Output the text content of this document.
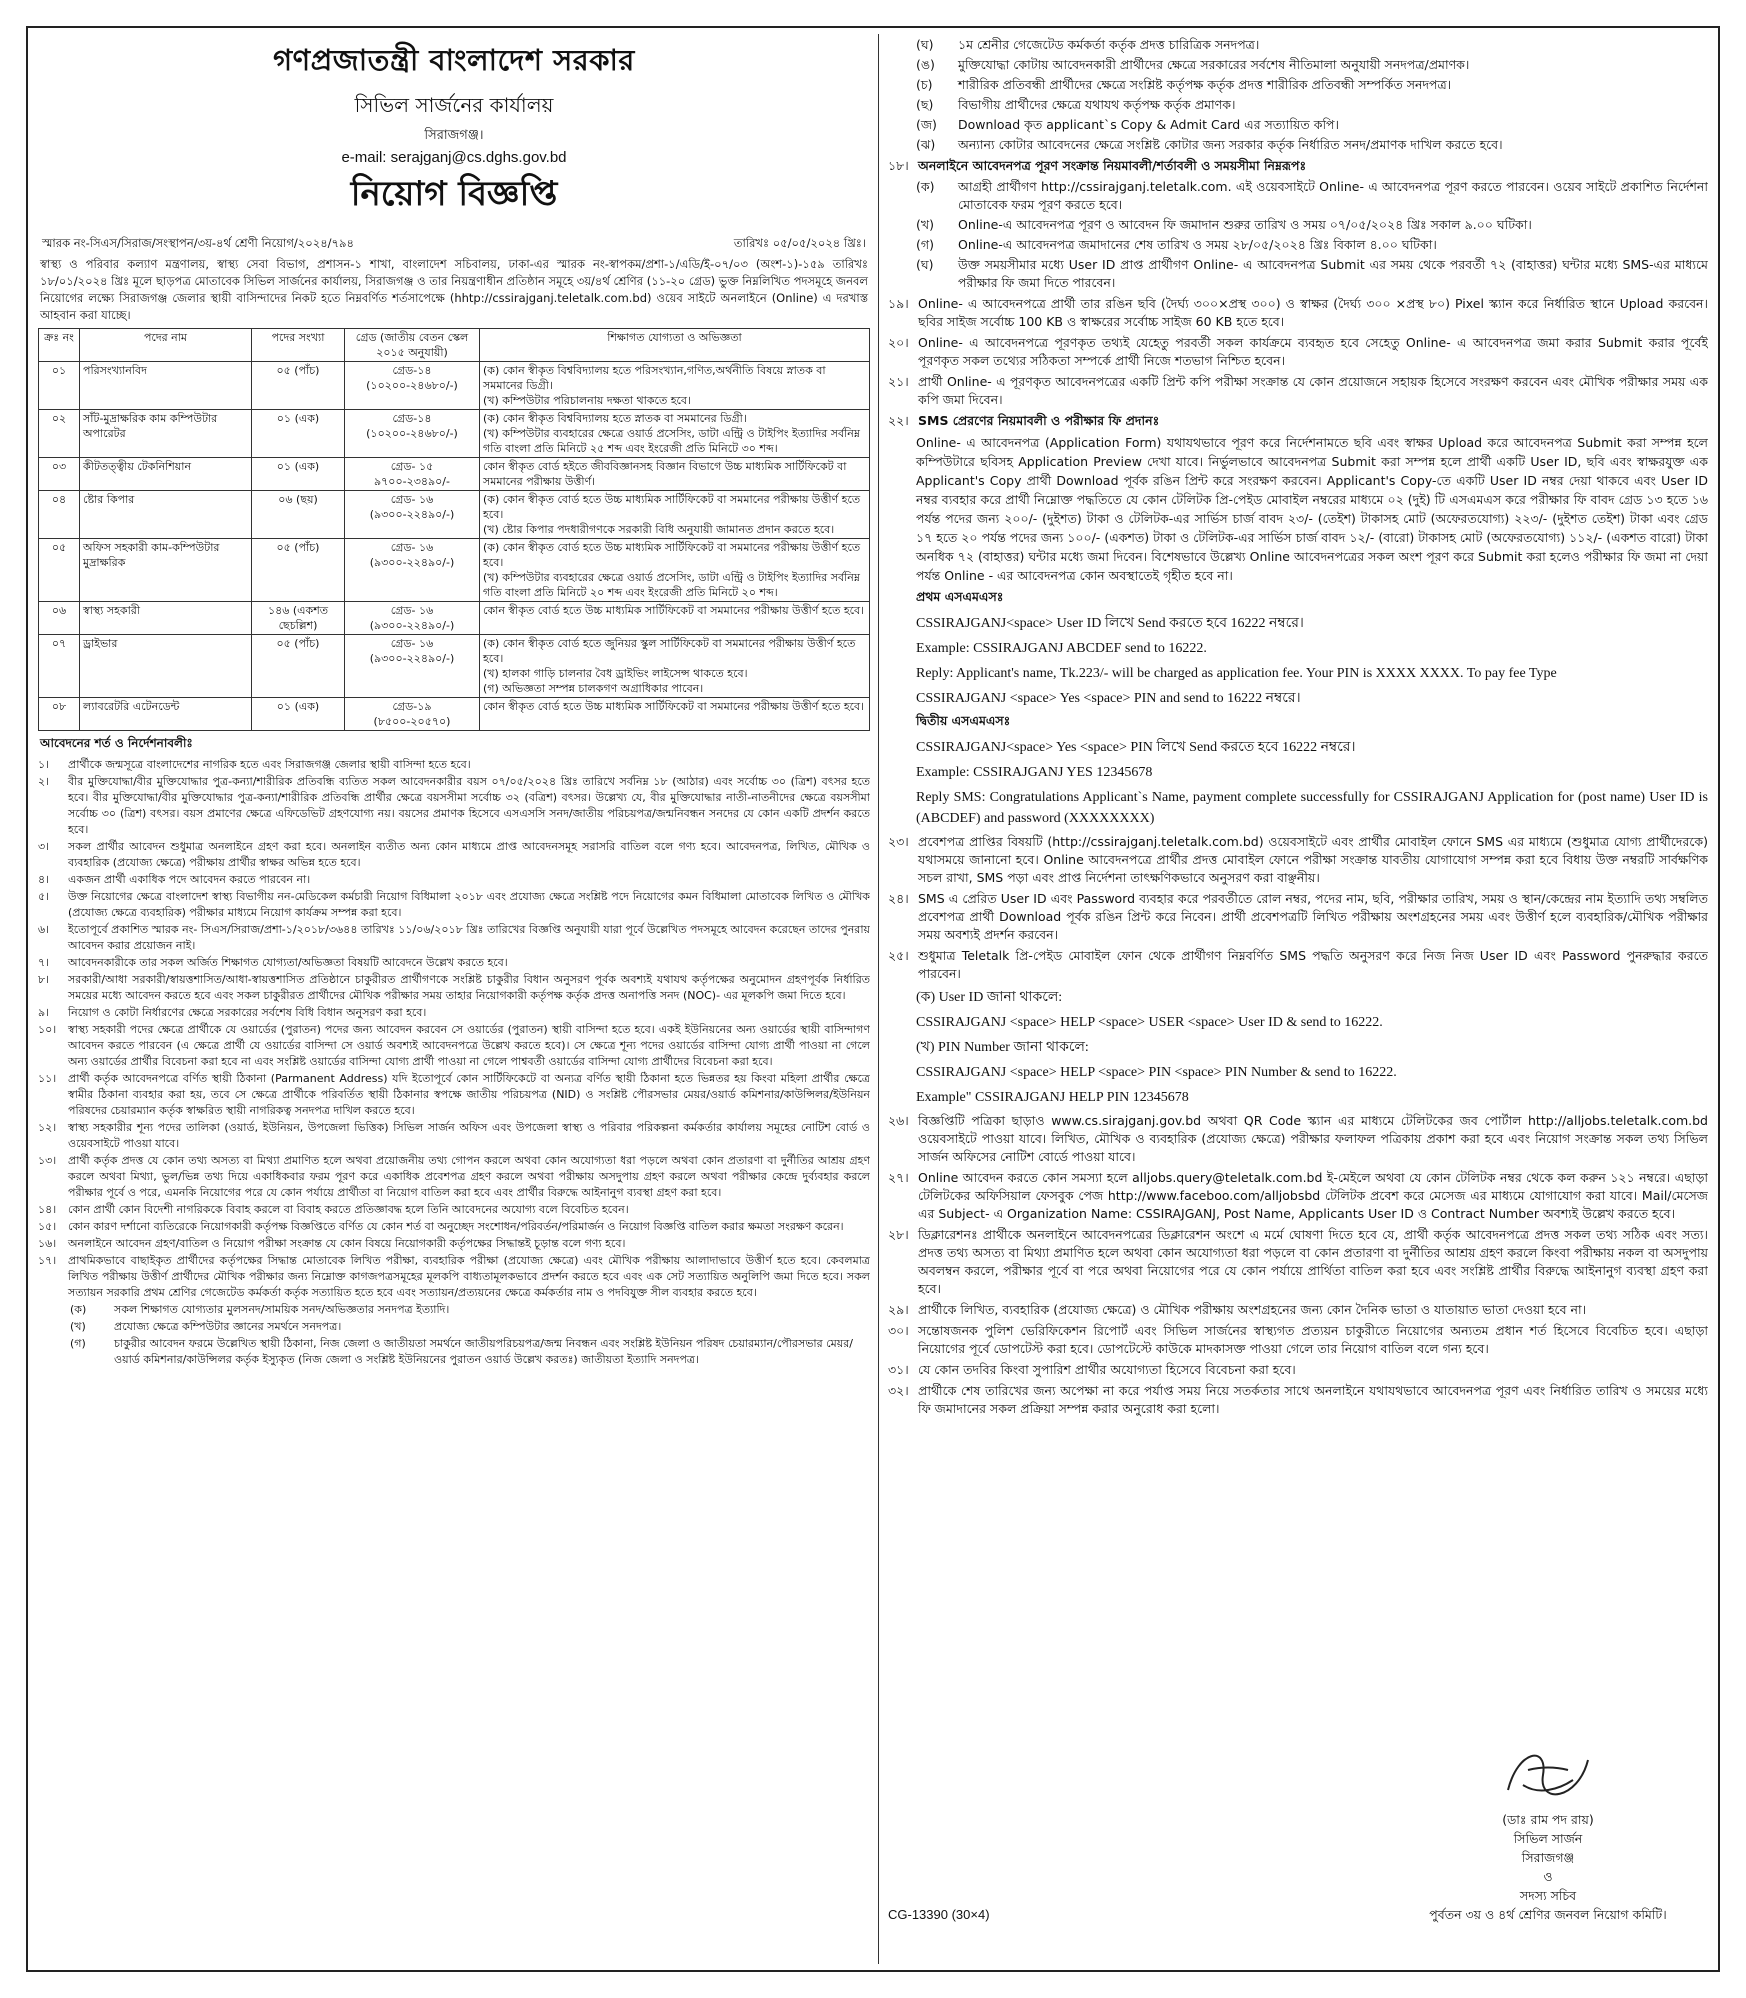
গণপ্রজাতন্ত্রী বাংলাদেশ সরকার
সিভিল সার্জনের কার্যালয়
সিরাজগঞ্জ।
e-mail: serajganj@cs.dghs.gov.bd
নিয়োগ বিজ্ঞপ্তি
স্মারক নং-সিএস/সিরাজ/সংস্থাপন/৩য়-৪র্থ শ্রেণী নিয়োগ/২০২৪/৭৯৪	তারিখঃ ০৫/০৫/২০২৪ খ্রিঃ।
স্বাস্থ্য ও পরিবার কল্যাণ মন্ত্রণালয়, স্বাস্থ্য সেবা বিভাগ, প্রশাসন-১ শাখা, বাংলাদেশ সচিবালয়, ঢাকা-এর স্মারক নং-স্বাপকম/প্রশা-১/এডি/ই-০৭/০৩ (অংশ-১)-১৫৯ তারিখঃ ১৮/০১/২০২৪ খ্রিঃ মূলে ছাড়পত্র মোতাবেক সিভিল সার্জনের কার্যালয়, সিরাজগঞ্জ ও তার নিয়ন্ত্রণাধীন প্রতিষ্ঠান সমূহে ৩য়/৪র্থ শ্রেণির (১১-২০ গ্রেড) ভুক্ত নিম্নলিখিত পদসমূহে জনবল নিয়োগের লক্ষ্যে সিরাজগঞ্জ জেলার স্থায়ী বাসিন্দাদের নিকট হতে নিম্নবর্ণিত শর্তসাপেক্ষে (hhtp://cssirajganj.teletalk.com.bd) ওয়েব সাইটে অনলাইনে (Online) এ দরখাস্ত আহবান করা যাচ্ছে।
ক্রঃ নং	পদের নাম	পদের সংখ্যা	গ্রেড (জাতীয় বেতন স্কেল ২০১৫ অনুযায়ী)	শিক্ষাগত যোগ্যতা ও অভিজ্ঞতা
০১	পরিসংখ্যানবিদ	০৫ (পাঁচ)	গ্রেড-১৪
(১০২০০-২৪৬৮০/-)	(ক) কোন স্বীকৃত বিশ্ববিদ্যালয় হতে পরিসংখ্যান,গণিত,অর্থনীতি বিষয়ে স্নাতক বা সমমানের ডিগ্রী।
(খ) কম্পিউটার পরিচালনায় দক্ষতা থাকতে হবে।

০২	সাঁট-মুদ্রাক্ষরিক কাম কম্পিউটার অপারেটর	০১ (এক)	গ্রেড-১৪
(১০২০০-২৪৬৮০/-)	(ক) কোন স্বীকৃত বিশ্ববিদ্যালয় হতে স্নাতক বা সমমানের ডিগ্রী।
(খ) কম্পিউটার ব্যবহারের ক্ষেত্রে ওয়ার্ড প্রসেসিং, ডাটা এন্ট্রি ও টাইপিং ইত্যাদির সর্বনিম্ন গতি বাংলা প্রতি মিনিটে ২৫ শব্দ এবং ইংরেজী প্রতি মিনিটে ৩০ শব্দ।

০৩	কীটতত্ত্বীয় টেকনিশিয়ান	০১ (এক)	গ্রেড- ১৫
৯৭০০-২৩৪৯০/-	কোন স্বীকৃত বোর্ড হইতে জীববিজ্ঞানসহ বিজ্ঞান বিভাগে উচ্চ মাধ্যমিক সার্টিফিকেট বা সমমানের পরীক্ষায় উত্তীর্ণ।

০৪	ষ্টোর কিপার	০৬ (ছয়)	গ্রেড- ১৬
(৯৩০০-২২৪৯০/-)	(ক) কোন স্বীকৃত বোর্ড হতে উচ্চ মাধ্যমিক সার্টিফিকেট বা সমমানের পরীক্ষায় উত্তীর্ণ হতে হবে।
(খ) ষ্টোর কিপার পদধারীগণকে সরকারী বিধি অনুযায়ী জামানত প্রদান করতে হবে।

০৫	অফিস সহকারী কাম-কম্পিউটার মুদ্রাক্ষরিক	০৫ (পাঁচ)	গ্রেড- ১৬
(৯৩০০-২২৪৯০/-)	(ক) কোন স্বীকৃত বোর্ড হতে উচ্চ মাধ্যমিক সার্টিফিকেট বা সমমানের পরীক্ষায় উত্তীর্ণ হতে হবে।
(খ) কম্পিউটার ব্যবহারের ক্ষেত্রে ওয়ার্ড প্রসেসিং, ডাটা এন্ট্রি ও টাইপিং ইত্যাদির সর্বনিম্ন গতি বাংলা প্রতি মিনিটে ২০ শব্দ এবং ইংরেজী প্রতি মিনিটে ২০ শব্দ।

০৬	স্বাস্থ্য সহকারী	১৪৬ (একশত ছেচল্লিশ)	গ্রেড- ১৬
(৯৩০০-২২৪৯০/-)	কোন স্বীকৃত বোর্ড হতে উচ্চ মাধ্যমিক সার্টিফিকেট বা সমমানের পরীক্ষায় উত্তীর্ণ হতে হবে।

০৭	ড্রাইভার	০৫ (পাঁচ)	গ্রেড- ১৬
(৯৩০০-২২৪৯০/-)	(ক) কোন স্বীকৃত বোর্ড হতে জুনিয়র স্কুল সার্টিফিকেট বা সমমানের পরীক্ষায় উত্তীর্ণ হতে হবে।
(খ) হালকা গাড়ি চালনার বৈধ ড্রাইভিং লাইসেন্স থাকতে হবে।
(গ) অভিজ্ঞতা সম্পন্ন চালকগণ অগ্রাধিকার পাবেন।

০৮	ল্যাবরেটরি এটেনডেন্ট	০১ (এক)	গ্রেড-১৯
(৮৫০০-২০৫৭০)	কোন স্বীকৃত বোর্ড হতে উচ্চ মাধ্যমিক সার্টিফিকেট বা সমমানের পরীক্ষায় উত্তীর্ণ হতে হবে।
আবেদনের শর্ত ও নির্দেশনাবলীঃ
১।	প্রার্থীকে জন্মসূত্রে বাংলাদেশের নাগরিক হতে এবং সিরাজগঞ্জ জেলার স্থায়ী বাসিন্দা হতে হবে।
২।	বীর মুক্তিযোদ্ধা/বীর মুক্তিযোদ্ধার পুত্র-কন্যা/শারীরিক প্রতিবন্ধি ব্যতিত সকল আবেদনকারীর বয়স ০৭/০৫/২০২৪ খ্রিঃ তারিখে সর্বনিম্ন ১৮ (আঠার) এবং সর্বোচ্চ ৩০ (ত্রিশ) বৎসর হতে হবে। বীর মুক্তিযোদ্ধা/বীর মুক্তিযোদ্ধার পুত্র-কন্যা/শারীরিক প্রতিবন্ধি প্রার্থীর ক্ষেত্রে বয়সসীমা সর্বোচ্চ ৩২ (বত্রিশ) বৎসর। উল্লেখ্য যে, বীর মুক্তিযোদ্ধার নাতী-নাতনীদের ক্ষেত্রে বয়সসীমা সর্বোচ্চ ৩০ (ত্রিশ) বৎসর। বয়স প্রমাণের ক্ষেত্রে এফিডেভিট গ্রহণযোগ্য নয়। বয়সের প্রমাণক হিসেবে এসএসসি সনদ/জাতীয় পরিচয়পত্র/জন্মনিবন্ধন সনদের যে কোন একটি প্রদর্শন করতে হবে।
৩।	সকল প্রার্থীর আবেদন শুধুমাত্র অনলাইনে গ্রহণ করা হবে। অনলাইন ব্যতীত অন্য কোন মাধ্যমে প্রাপ্ত আবেদনসমূহ সরাসরি বাতিল বলে গণ্য হবে। আবেদনপত্র, লিখিত, মৌখিক ও ব্যবহারিক (প্রযোজ্য ক্ষেত্রে) পরীক্ষায় প্রার্থীর স্বাক্ষর অভিন্ন হতে হবে।
৪।	একজন প্রার্থী একাধিক পদে আবেদন করতে পারবেন না।
৫।	উক্ত নিয়োগের ক্ষেত্রে বাংলাদেশ স্বাস্থ্য বিভাগীয় নন-মেডিকেল কর্মচারী নিয়োগ বিধিমালা ২০১৮ এবং প্রযোজ্য ক্ষেত্রে সংশ্লিষ্ট পদে নিয়োগের কমন বিধিমালা মোতাবেক লিখিত ও মৌখিক (প্রযোজ্য ক্ষেত্রে ব্যবহারিক) পরীক্ষার মাধ্যমে নিয়োগ কার্যক্রম সম্পন্ন করা হবে।
৬।	ইতোপূর্বে প্রকাশিত স্মারক নং- সিএস/সিরাজ/প্রশা-১/২০১৮/৩৬৪৪ তারিখঃ ১১/০৬/২০১৮ খ্রিঃ তারিখের বিজ্ঞপ্তি অনুযায়ী যারা পূর্বে উল্লেখিত পদসমূহে আবেদন করেছেন তাদের পুনরায় আবেদন করার প্রয়োজন নাই।
৭।	আবেদনকারীকে তার সকল অর্জিত শিক্ষাগত যোগ্যতা/অভিজ্ঞতা বিষয়টি আবেদনে উল্লেখ করতে হবে।
৮।	সরকারী/আধা সরকারী/স্বায়ত্তশাসিত/আধা-স্বায়ত্তশাসিত প্রতিষ্ঠানে চাকুরীরত প্রার্থীগণকে সংশ্লিষ্ট চাকুরীর বিধান অনুসরণ পূর্বক অবশ্যই যথাযথ কর্তৃপক্ষের অনুমোদন গ্রহণপূর্বক নির্ধারিত সময়ের মধ্যে আবেদন করতে হবে এবং সকল চাকুরীরত প্রার্থীদের মৌখিক পরীক্ষার সময় তাহার নিয়োগকারী কর্তৃপক্ষ কর্তৃক প্রদত্ত অনাপত্তি সনদ (NOC)- এর মূলকপি জমা দিতে হবে।
৯।	নিয়োগ ও কোটা নির্ধারণের ক্ষেত্রে সরকারের সর্বশেষ বিধি বিধান অনুসরণ করা হবে।
১০।	স্বাস্থ্য সহকারী পদের ক্ষেত্রে প্রার্থীকে যে ওয়ার্ডের (পুরাতন) পদের জন্য আবেদন করবেন সে ওয়ার্ডের (পুরাতন) স্থায়ী বাসিন্দা হতে হবে। একই ইউনিয়নের অন্য ওয়ার্ডের স্থায়ী বাসিন্দাগণ আবেদন করতে পারবেন (এ ক্ষেত্রে প্রার্থী যে ওয়ার্ডের বাসিন্দা সে ওয়ার্ড অবশ্যই আবেদনপত্রে উল্লেখ করতে হবে)। সে ক্ষেত্রে শূন্য পদের ওয়ার্ডের বাসিন্দা যোগ্য প্রার্থী পাওয়া না গেলে অন্য ওয়ার্ডের প্রার্থীর বিবেচনা করা হবে না এবং সংশ্লিষ্ট ওয়ার্ডের বাসিন্দা যোগ্য প্রার্থী পাওয়া না গেলে পাশ্ববর্তী ওয়ার্ডের বাসিন্দা যোগ্য প্রার্থীদের বিবেচনা করা হবে।
১১।	প্রার্থী কর্তৃক আবেদনপত্রে বর্ণিত স্থায়ী ঠিকানা (Parmanent Address) যদি ইতোপূর্বে কোন সার্টিফিকেটে বা অন্যত্র বর্ণিত স্থায়ী ঠিকানা হতে ভিন্নতর হয় কিংবা মহিলা প্রার্থীর ক্ষেত্রে স্বামীর ঠিকানা ব্যবহার করা হয়, তবে সে ক্ষেত্রে প্রার্থীকে পরিবর্তিত স্থায়ী ঠিকানার স্বপক্ষে জাতীয় পরিচয়পত্র (NID) ও সংশ্লিষ্ট পৌরসভার মেয়র/ওয়ার্ড কমিশনার/কাউন্সিলর/ইউনিয়ন পরিষদের চেয়ারম্যান কর্তৃক স্বাক্ষরিত স্থায়ী নাগরিকত্ব সনদপত্র দাখিল করতে হবে।
১২।	স্বাস্থ্য সহকারীর শূন্য পদের তালিকা (ওয়ার্ড, ইউনিয়ন, উপজেলা ভিত্তিক) সিভিল সার্জন অফিস এবং উপজেলা স্বাস্থ্য ও পরিবার পরিকল্পনা কর্মকর্তার কার্যালয় সমূহের নোটিশ বোর্ড ও ওয়েবসাইটে পাওয়া যাবে।
১৩।	প্রার্থী কর্তৃক প্রদত্ত যে কোন তথ্য অসত্য বা মিথ্যা প্রমাণিত হলে অথবা প্রয়োজনীয় তথ্য গোপন করলে অথবা কোন অযোগ্যতা ধরা পড়লে অথবা কোন প্রতারণা বা দুর্নীতির আশ্রয় গ্রহণ করলে অথবা মিথ্যা, ভুল/ভিন্ন তথ্য দিয়ে একাধিকবার ফরম পূরণ করে একাধিক প্রবেশপত্র গ্রহণ করলে অথবা পরীক্ষায় অসদুপায় গ্রহণ করলে অথবা পরীক্ষার কেন্দ্রে দুর্ব্যবহার করলে পরীক্ষার পূর্বে ও পরে, এমনকি নিয়োগের পরে যে কোন পর্যায়ে প্রার্থীতা বা নিয়োগ বাতিল করা হবে এবং প্রার্থীর বিরুদ্ধে আইনানুগ ব্যবস্থা গ্রহণ করা হবে।
১৪।	কোন প্রার্থী কোন বিদেশী নাগরিককে বিবাহ করলে বা বিবাহ করতে প্রতিজ্ঞাবদ্ধ হলে তিনি আবেদনের অযোগ্য বলে বিবেচিত হবেন।
১৫।	কোন কারণ দর্শানো ব্যতিরেকে নিয়োগকারী কর্তৃপক্ষ বিজ্ঞপ্তিতে বর্ণিত যে কোন শর্ত বা অনুচ্ছেদ সংশোধন/পরিবর্তন/পরিমার্জন ও নিয়োগ বিজ্ঞপ্তি বাতিল করার ক্ষমতা সংরক্ষণ করেন।
১৬।	অনলাইনে আবেদন গ্রহণ/বাতিল ও নিয়োগ পরীক্ষা সংক্রান্ত যে কোন বিষয়ে নিয়োগকারী কর্তৃপক্ষের সিদ্ধান্তই চূড়ান্ত বলে গণ্য হবে।
১৭।	প্রাথমিকভাবে বাছাইকৃত প্রার্থীদের কর্তৃপক্ষের সিদ্ধান্ত মোতাবেক লিখিত পরীক্ষা, ব্যবহারিক পরীক্ষা (প্রযোজ্য ক্ষেত্রে) এবং মৌখিক পরীক্ষায় আলাদাভাবে উত্তীর্ণ হতে হবে। কেবলমাত্র লিখিত পরীক্ষায় উত্তীর্ণ প্রার্থীদের মৌখিক পরীক্ষার জন্য নিম্নোক্ত কাগজপত্রসমূহের মূলকপি বাধ্যতামূলকভাবে প্রদর্শন করতে হবে এবং এক সেট সত্যায়িত অনুলিপি জমা দিতে হবে। সকল সত্যায়ন সরকারি প্রথম শ্রেণির গেজেটেড কর্মকর্তা কর্তৃক সত্যায়িত হতে হবে এবং সত্যায়ন/প্রত্যয়নের ক্ষেত্রে কর্মকর্তার নাম ও পদবিযুক্ত সীল ব্যবহার করতে হবে।
(ক)	সকল শিক্ষাগত যোগ্যতার মুলসনদ/সাময়িক সনদ/অভিজ্ঞতার সনদপত্র ইত্যাদি।
(খ)	প্রযোজ্য ক্ষেত্রে কম্পিউটার জ্ঞানের সমর্থনে সনদপত্র।
(গ)	চাকুরীর আবেদন ফরমে উল্লেখিত স্থায়ী ঠিকানা, নিজ জেলা ও জাতীয়তা সমর্থনে জাতীয়পরিচয়পত্র/জন্ম নিবন্ধন এবং সংশ্লিষ্ট ইউনিয়ন পরিষদ চেয়ারম্যান/পৌরসভার মেয়র/ওয়ার্ড কমিশনার/কাউন্সিলর কর্তৃক ইস্যুকৃত (নিজ জেলা ও সংশ্লিষ্ট ইউনিয়নের পুরাতন ওয়ার্ড উল্লেখ করতঃ) জাতীয়তা ইত্যাদি সনদপত্র।
(ঘ)	১ম শ্রেনীর গেজেটেড কর্মকর্তা কর্তৃক প্রদত্ত চারিত্রিক সনদপত্র।
(ঙ)	মুক্তিযোদ্ধা কোটায় আবেদনকারী প্রার্থীদের ক্ষেত্রে সরকারের সর্বশেষ নীতিমালা অনুযায়ী সনদপত্র/প্রমাণক।
(চ)	শারীরিক প্রতিবন্ধী প্রার্থীদের ক্ষেত্রে সংশ্লিষ্ট কর্তৃপক্ষ কর্তৃক প্রদত্ত শারীরিক প্রতিবন্ধী সম্পর্কিত সনদপত্র।
(ছ)	বিভাগীয় প্রার্থীদের ক্ষেত্রে যথাযথ কর্তৃপক্ষ কর্তৃক প্রমাণক।
(জ)	Download কৃত applicant`s Copy & Admit Card এর সত্যায়িত কপি।
(ঝ)	অন্যান্য কোটার আবেদনের ক্ষেত্রে সংশ্লিষ্ট কোটার জন্য সরকার কর্তৃক নির্ধারিত সনদ/প্রমাণক দাখিল করতে হবে।
১৮। অনলাইনে আবেদনপত্র পূরণ সংক্রান্ত নিয়মাবলী/শর্তাবলী ও সময়সীমা নিম্নরূপঃ
(ক)	আগ্রহী প্রার্থীগণ http://cssirajganj.teletalk.com. এই ওয়েবসাইটে Online- এ আবেদনপত্র পূরণ করতে পারবেন। ওয়েব সাইটে প্রকাশিত নির্দেশনা মোতাবেক ফরম পূরণ করতে হবে।
(খ)	Online-এ আবেদনপত্র পূরণ ও আবেদন ফি জমাদান শুরুর তারিখ ও সময় ০৭/০৫/২০২৪ খ্রিঃ সকাল ৯.০০ ঘটিকা।
(গ)	Online-এ আবেদনপত্র জমাদানের শেষ তারিখ ও সময় ২৮/০৫/২০২৪ খ্রিঃ বিকাল ৪.০০ ঘটিকা।
(ঘ)	উক্ত সময়সীমার মধ্যে User ID প্রাপ্ত প্রার্থীগণ Online- এ আবেদনপত্র Submit এর সময় থেকে পরবর্তী ৭২ (বাহাত্তর) ঘন্টার মধ্যে SMS-এর মাধ্যমে পরীক্ষার ফি জমা দিতে পারবেন।
১৯। Online- এ আবেদনপত্রে প্রার্থী তার রঙিন ছবি (দৈর্ঘ্য ৩০০×প্রস্থ ৩০০) ও স্বাক্ষর (দৈর্ঘ্য ৩০০ ×প্রস্থ ৮০) Pixel স্ক্যান করে নির্ধারিত স্থানে Upload করবেন। ছবির সাইজ সর্বোচ্চ 100 KB ও স্বাক্ষরের সর্বোচ্চ সাইজ 60 KB হতে হবে।
২০। Online- এ আবেদনপত্রে পূরণকৃত তথ্যই যেহেতু পরবর্তী সকল কার্যক্রমে ব্যবহৃত হবে সেহেতু Online- এ আবেদনপত্র জমা করার Submit করার পূর্বেই পূরণকৃত সকল তথ্যের সঠিকতা সম্পর্কে প্রার্থী নিজে শতভাগ নিশ্চিত হবেন।
২১। প্রার্থী Online- এ পূরণকৃত আবেদনপত্রের একটি প্রিন্ট কপি পরীক্ষা সংক্রান্ত যে কোন প্রয়োজনে সহায়ক হিসেবে সংরক্ষণ করবেন এবং মৌখিক পরীক্ষার সময় এক কপি জমা দিবেন।
২২। SMS প্রেরণের নিয়মাবলী ও পরীক্ষার ফি প্রদানঃ
Online- এ আবেদনপত্র (Application Form) যথাযথভাবে পূরণ করে নির্দেশনামতে ছবি এবং স্বাক্ষর Upload করে আবেদনপত্র Submit করা সম্পন্ন হলে কম্পিউটারে ছবিসহ Application Preview দেখা যাবে। নির্ভুলভাবে আবেদনপত্র Submit করা সম্পন্ন হলে প্রার্থী একটি User ID, ছবি এবং স্বাক্ষরযুক্ত এক Applicant's Copy প্রার্থী Download পূর্বক রঙিন প্রিন্ট করে সংরক্ষণ করবেন। Applicant's Copy-তে একটি User ID নম্বর দেয়া থাকবে এবং User ID নম্বর ব্যবহার করে প্রার্থী নিম্নোক্ত পদ্ধতিতে যে কোন টেলিটক প্রি-পেইড মোবাইল নম্বরের মাধ্যমে ০২ (দুই) টি এসএমএস করে পরীক্ষার ফি বাবদ গ্রেড ১৩ হতে ১৬ পর্যন্ত পদের জন্য ২০০/- (দুইশত) টাকা ও টেলিটক-এর সার্ভিস চার্জ বাবদ ২৩/- (তেইশ) টাকাসহ মোট (অফেরতযোগ্য) ২২৩/- (দুইশত তেইশ) টাকা এবং গ্রেড ১৭ হতে ২০ পর্যন্ত পদের জন্য ১০০/- (একশত) টাকা ও টেলিটক-এর সার্ভিস চার্জ বাবদ ১২/- (বারো) টাকাসহ মোট (অফেরতযোগ্য) ১১২/- (একশত বারো) টাকা অনধিক ৭২ (বাহাত্তর) ঘন্টার মধ্যে জমা দিবেন। বিশেষভাবে উল্লেখ্য Online আবেদনপত্রের সকল অংশ পূরণ করে Submit করা হলেও পরীক্ষার ফি জমা না দেয়া পর্যন্ত Online - এর আবেদনপত্র কোন অবস্থাতেই গৃহীত হবে না।
প্রথম এসএমএসঃ
CSSIRAJGANJ<space> User ID লিখে Send করতে হবে 16222 নম্বরে।
Example: CSSIRAJGANJ ABCDEF send to 16222.
Reply: Applicant's name, Tk.223/- will be charged as application fee. Your PIN is XXXX XXXX. To pay fee Type
CSSIRAJGANJ <space> Yes <space> PIN and send to 16222 নম্বরে।
দ্বিতীয় এসএমএসঃ
CSSIRAJGANJ<space> Yes <space> PIN লিখে Send করতে হবে 16222 নম্বরে।
Example: CSSIRAJGANJ YES 12345678
Reply SMS: Congratulations Applicant`s Name, payment complete successfully for CSSIRAJGANJ Application for (post name) User ID is (ABCDEF) and password (XXXXXXXX)
২৩। প্রবেশপত্র প্রাপ্তির বিষয়টি (http://cssirajganj.teletalk.com.bd) ওয়েবসাইটে এবং প্রার্থীর মোবাইল ফোনে SMS এর মাধ্যমে (শুধুমাত্র যোগ্য প্রার্থীদেরকে) যথাসময়ে জানানো হবে। Online আবেদনপত্রে প্রার্থীর প্রদত্ত মোবাইল ফোনে পরীক্ষা সংক্রান্ত যাবতীয় যোগাযোগ সম্পন্ন করা হবে বিধায় উক্ত নম্বরটি সার্বক্ষণিক সচল রাখা, SMS পড়া এবং প্রাপ্ত নির্দেশনা তাৎক্ষণিকভাবে অনুসরণ করা বাঞ্ছনীয়।
২৪। SMS এ প্রেরিত User ID এবং Password ব্যবহার করে পরবর্তীতে রোল নম্বর, পদের নাম, ছবি, পরীক্ষার তারিখ, সময় ও স্থান/কেন্দ্রের নাম ইত্যাদি তথ্য সম্বলিত প্রবেশপত্র প্রার্থী Download পূর্বক রঙিন প্রিন্ট করে নিবেন। প্রার্থী প্রবেশপত্রটি লিখিত পরীক্ষায় অংশগ্রহনের সময় এবং উত্তীর্ণ হলে ব্যবহারিক/মৌখিক পরীক্ষার সময় অবশ্যই প্রদর্শন করবেন।
২৫। শুধুমাত্র Teletalk প্রি-পেইড মোবাইল ফোন থেকে প্রার্থীগণ নিম্নবর্ণিত SMS পদ্ধতি অনুসরণ করে নিজ নিজ User ID এবং Password পুনরুদ্ধার করতে পারবেন।
(ক) User ID জানা থাকলে:
CSSIRAJGANJ <space> HELP <space> USER <space> User ID & send to 16222.
(খ) PIN Number জানা থাকলে:
CSSIRAJGANJ <space> HELP <space> PIN <space> PIN Number & send to 16222.
Example" CSSIRAJGANJ HELP PIN 12345678
২৬। বিজ্ঞপ্তিটি পত্রিকা ছাড়াও www.cs.sirajganj.gov.bd অথবা QR Code স্ক্যান এর মাধ্যমে টেলিটকের জব পোর্টাল http://alljobs.teletalk.com.bd ওয়েবসাইটে পাওয়া যাবে। লিখিত, মৌখিক ও ব্যবহারিক (প্রযোজ্য ক্ষেত্রে) পরীক্ষার ফলাফল পত্রিকায় প্রকাশ করা হবে এবং নিয়োগ সংক্রান্ত সকল তথ্য সিভিল সার্জন অফিসের নোটিশ বোর্ডে পাওয়া যাবে।
২৭। Online আবেদন করতে কোন সমস্যা হলে alljobs.query@teletalk.com.bd ই-মেইলে অথবা যে কোন টেলিটক নম্বর থেকে কল করুন ১২১ নম্বরে। এছাড়া টেলিটকের অফিসিয়াল ফেসবুক পেজ http://www.faceboo.com/alljobsbd টেলিটক প্রবেশ করে মেসেজ এর মাধ্যমে যোগাযোগ করা যাবে। Mail/মেসেজ এর Subject- এ Organization Name: CSSIRAJGANJ, Post Name, Applicants User ID ও Contract Number অবশ্যই উল্লেখ করতে হবে।
২৮। ডিক্লারেশনঃ প্রার্থীকে অনলাইনে আবেদনপত্রের ডিক্লারেশন অংশে এ মর্মে ঘোষণা দিতে হবে যে, প্রার্থী কর্তৃক আবেদনপত্রে প্রদত্ত সকল তথ্য সঠিক এবং সত্য। প্রদত্ত তথ্য অসত্য বা মিথ্যা প্রমাণিত হলে অথবা কোন অযোগ্যতা ধরা পড়লে বা কোন প্রতারণা বা দুর্নীতির আশ্রয় গ্রহণ করলে কিংবা পরীক্ষায় নকল বা অসদুপায় অবলম্বন করলে, পরীক্ষার পূর্বে বা পরে অথবা নিয়োগের পরে যে কোন পর্যায়ে প্রার্থিতা বাতিল করা হবে এবং সংশ্লিষ্ট প্রার্থীর বিরুদ্ধে আইনানুগ ব্যবস্থা গ্রহণ করা হবে।
২৯। প্রার্থীকে লিখিত, ব্যবহারিক (প্রযোজ্য ক্ষেত্রে) ও মৌখিক পরীক্ষায় অংশগ্রহনের জন্য কোন দৈনিক ভাতা ও যাতায়াত ভাতা দেওয়া হবে না।
৩০। সন্তোষজনক পুলিশ ভেরিফিকেশন রিপোর্ট এবং সিভিল সার্জনের স্বাস্থ্যগত প্রত্যয়ন চাকুরীতে নিয়োগের অন্যতম প্রধান শর্ত হিসেবে বিবেচিত হবে। এছাড়া নিয়োগের পূর্বে ডোপটেস্ট করা হবে। ডোপটেস্টে কাউকে মাদকাসক্ত পাওয়া গেলে তার নিয়োগ বাতিল বলে গন্য হবে।
৩১। যে কোন তদবির কিংবা সুপারিশ প্রার্থীর অযোগ্যতা হিসেবে বিবেচনা করা হবে।
৩২। প্রার্থীকে শেষ তারিখের জন্য অপেক্ষা না করে পর্যাপ্ত সময় নিয়ে সতর্কতার সাথে অনলাইনে যথাযথভাবে আবেদনপত্র পূরণ এবং নির্ধারিত তারিখ ও সময়ের মধ্যে ফি জমাদানের সকল প্রক্রিয়া সম্পন্ন করার অনুরোধ করা হলো।
CG-13390 (30×4)
(ডাঃ রাম পদ রায়)
সিভিল সার্জন
সিরাজগঞ্জ
ও
সদস্য সচিব
পুর্বতন ৩য় ও ৪র্থ শ্রেণির জনবল নিয়োগ কমিটি।
